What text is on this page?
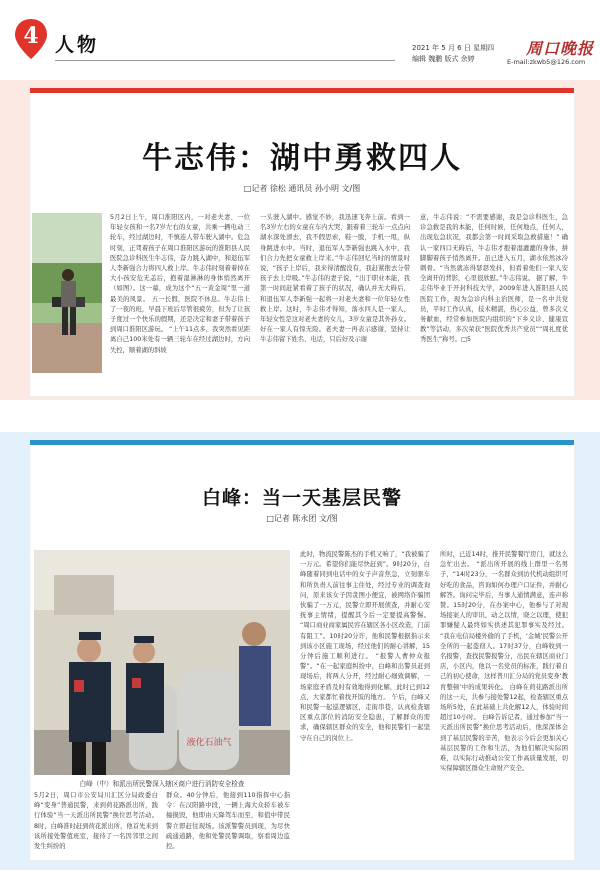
4 人物	2021 年 5 月 6 日 星期四
编辑 魏鹏 版式 余婷
周口晚报
E-mail:zkwb5@126.com
牛志伟：湖中勇救四人
□记者 徐松 通讯员 孙小明 文/图
5月2日上午，周口淮阳区内，一对老夫妻、一位年轻女孩和一名7岁左右的女童，共乘一辆电动三轮车，经过湖边时，不慎连人带车驶入湖中。危急时刻，正驾着孩子在周口淮阳区游玩的淮阳县人民医院急诊科医生牛志伟，奋力跳入湖中，和退伍军人李新强合力将四人救上岸。牛志伟时刻着着掉在大小孩安危无恙后，抱着湿淋淋的身体悄然离开（如图）。这一幕，成为这个“五一黄金周”里一道最美的风景。 五一长假，医院不休息。牛志伟上了一夜的班，早晨下班后尽管很疲劳，但为了让孩子度过一个快乐的假期，还是决定和妻子带着孩子到周口淮阳区游玩。 “上午11点多，我突然看见距离自己100米处有一辆三轮车在经过湖边时，方向失控，顺着湖的斜坡
一头驶入湖中。感觉不妙，我迅速飞奔上前。看到一名3岁左右的女童在车内大哭，跟着着三轮车一点点向湖水深处滑去，我不假思索，鞋一脱，手机一甩，纵身跳进水中。当时，退伍军人李新强也跳入水中，我们合力先把女童救上岸来。”牛志伟回忆当时的情景时说，“孩子上岸后，我来得清醒没有，我赶紧抱去分带孩子去上岸吸。”牛志伟的妻子说，“出于职业本能，我第一时间赶紧看着了孩子的状况，确认并无大碍后，和退伍军人李新强一起将一对老夫妻和一位年轻女性救上岸。这时，牛志伟才得知，落水四人是一家人，年轻女性是这对老夫妻的女儿，3岁女童是其外孙女。好在一家人有惊无险。老夫妻一再表示感谢，坚持让牛志伟留下姓名、电话，只后好及示谢
意，牛志伟说：“不需要感谢，我是急诊科医生，急诊急救是我的本能，任何时候，任何地点，任何人，出现危急状况，我都会第一时间采取急救措施！” 确认一家四口无碍后，牛志伟才抱着湿漉漉的身体，拼脚脚着孩子悄然离开。虽已进入五月，湖水依然冰冷刺骨。“当然就冻得瑟瑟发抖，但看着他们一家人安全离开的背影，心里很欣慰。”牛志伟说。 据了解，牛志伟毕业于开封科技大学，2009年进入淮阳县人民医院工作，现为急诊内科主治医师，是一名中共党员，平时工作认真，技术精湛，热心公益，曾多次义务献血，经常参加医院内组织的“下乡义诊、健康宣教”等活动，多次荣获“医院优秀共产党员”“周礼度优秀医生”称号。□5
白峰：当一天基层民警
□记者 陈永团 文/图
液化石油气
白峰（中）和派出所民警深入辖区商户进行消防安全检查
5月2日，周口市公安局川汇区分局政委白峰“变身”普通民警，来到荷花路派出所，践行体验“当一天派出所民警”换位思考活动。 8时，白峰准时赶到荷花派出所，他首先来到该所接处警值班室，接待了一名因邻里之间发生纠纷的
群众。40分钟后，他接到110指挥中心指令：在汉阳路中段，一辆上海大众轿车被车撞损毁，他即由天降驾车而至，和值中带民警立即赶往现场。该派警警员到现，为尽快疏通道路，他和处警民警调取，察看周边监控。
此时，物流民警陈杰的手机又响了，“我被骗了一万元。希望你们能尽快赶到”。9时20分，白峰随着同到电话中的女子声音焦急，立刻驱车和所负责人前往事主住处，经过专业的调查询问，原来该女子因贪图小便宜，被网络诈骗团伙骗了一万元，民警立即开展侦查，并耐心安抚事主情绪，提醒其今后一定要提高警惕。 “周口商业商家属民容在辖区各小区改造，门前有阻工”。10时20分许，他和民警根据指示来到该小区施工现场，经过他们的耐心讲解，15分钟后施工顺利进行。 “报警人曹仲众报警”。“在一起家庭纠纷中，白峰和出警员赶到现场后，将两人分开，经过耐心细致调解，一场家庭矛盾及时有效地得到化解，此时已到12点，大家都忙着找开饭的地方。 午后，白峰又和民警一起巡逻辖区，走街串巷，认真检查辖区重点部位的消防安全隐患，了解群众的需求，确保辖区群众的安全，他和民警们一起坚守在自己的岗位上。
所时，已近14时，推开民警餐厅房门，就这么急忙出去。 “派出所开展的线上群里一名男子，“14时23分，一名群众到访代机动组织可好吃的食品，咨询如何办理户口证件，并耐心解答。询问完毕后，当事人通情满意，连声称赞。15时20分，在办案中心，他参与了对现场接案人的审讯，动之以情，晓之以理，使犯罪嫌疑人最终如实供述其犯罪事实及经过。 “我在电信局楼外偷的了手机，‘金城’民警公开全所的一起盗窃人。17时37分，白峰收到一名报警，查找民警报警分，出民在辖区商业门店，小区内，他以一名党员的标准，践行着自己的初心使命，这样普川汇分局的党员变身‘教育整顿’中的成果转化。 白峰在荷花路派出所的这一天，共参与接处警12起，检查辖区重点场所5处，在此基础上共化解12人，体验时间超过10小时。 白峰告诉记者，通过参加“当一天派出所民警”换位思考活动后，他深深体会到了基层民警的辛苦，他表示今后会更加关心基层民警的工作和生活，为他们解决实际困难，以实际行动推动公安工作高质量发展，切实保障辖区群众生命财产安全。
